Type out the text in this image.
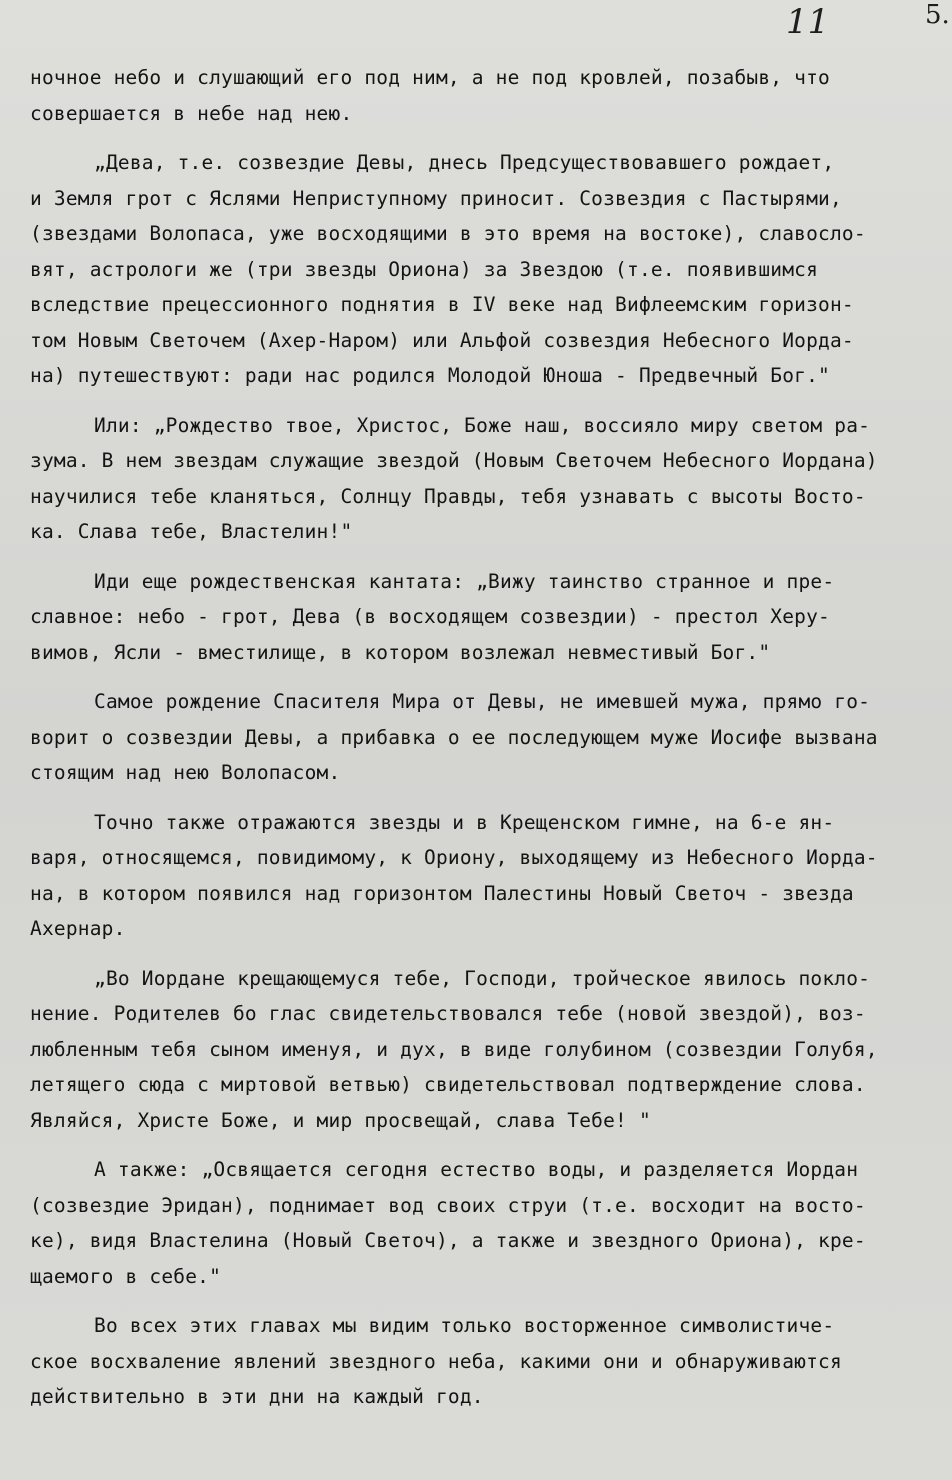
11	5.
ночное небо и слушающий его под ним, а не под кровлей, позабыв, что
совершается в небе над нею.
„Дева, т.е. созвездие Девы, днесь Предсуществовавшего рождает,
и Земля грот с Яслями Неприступному приносит. Созвездия с Пастырями,
(звездами Волопаса, уже восходящими в это время на востоке), славосло-
вят, астрологи же (три звезды Ориона) за Звездою (т.е. появившимся
вследствие прецессионного поднятия в IV веке над Вифлеемским горизон-
том Новым Светочем (Ахер-Наром) или Альфой созвездия Небесного Иорда-
на) путешествуют: ради нас родился Молодой Юноша - Предвечный Бог."
Или: „Рождество твое, Христос, Боже наш, воссияло миру светом ра-
зума. В нем звездам служащие звездой (Новым Светочем Небесного Иордана)
научилися тебе кланяться, Солнцу Правды, тебя узнавать с высоты Восто-
ка. Слава тебе, Властелин!"
Иди еще рождественская кантата: „Вижу таинство странное и пре-
славное: небо - грот, Дева (в восходящем созвездии) - престол Херу-
вимов, Ясли - вместилище, в котором возлежал невместивый Бог."
Самое рождение Спасителя Мира от Девы, не имевшей мужа, прямо го-
ворит о созвездии Девы, а прибавка о ее последующем муже Иосифе вызвана
стоящим над нею Волопасом.
Точно также отражаются звезды и в Крещенском гимне, на 6-е ян-
варя, относящемся, повидимому, к Ориону, выходящему из Небесного Иорда-
на, в котором появился над горизонтом Палестины Новый Светоч - звезда
Ахернар.
„Во Иордане крещающемуся тебе, Господи, тройческое явилось покло-
нение. Родителев бо глас свидетельствовался тебе (новой звездой), воз-
любленным тебя сыном именуя, и дух, в виде голубином (созвездии Голубя,
летящего сюда с миртовой ветвью) свидетельствовал подтверждение слова.
Являйся, Христе Боже, и мир просвещай, слава Тебе! "
А также: „Освящается сегодня естество воды, и разделяется Иордан
(созвездие Эридан), поднимает вод своих струи (т.е. восходит на восто-
ке), видя Властелина (Новый Светоч), а также и звездного Ориона), кре-
щаемого в себе."
Во всех этих главах мы видим только восторженное символистиче-
ское восхваление явлений звездного неба, какими они и обнаруживаются
действительно в эти дни на каждый год.
